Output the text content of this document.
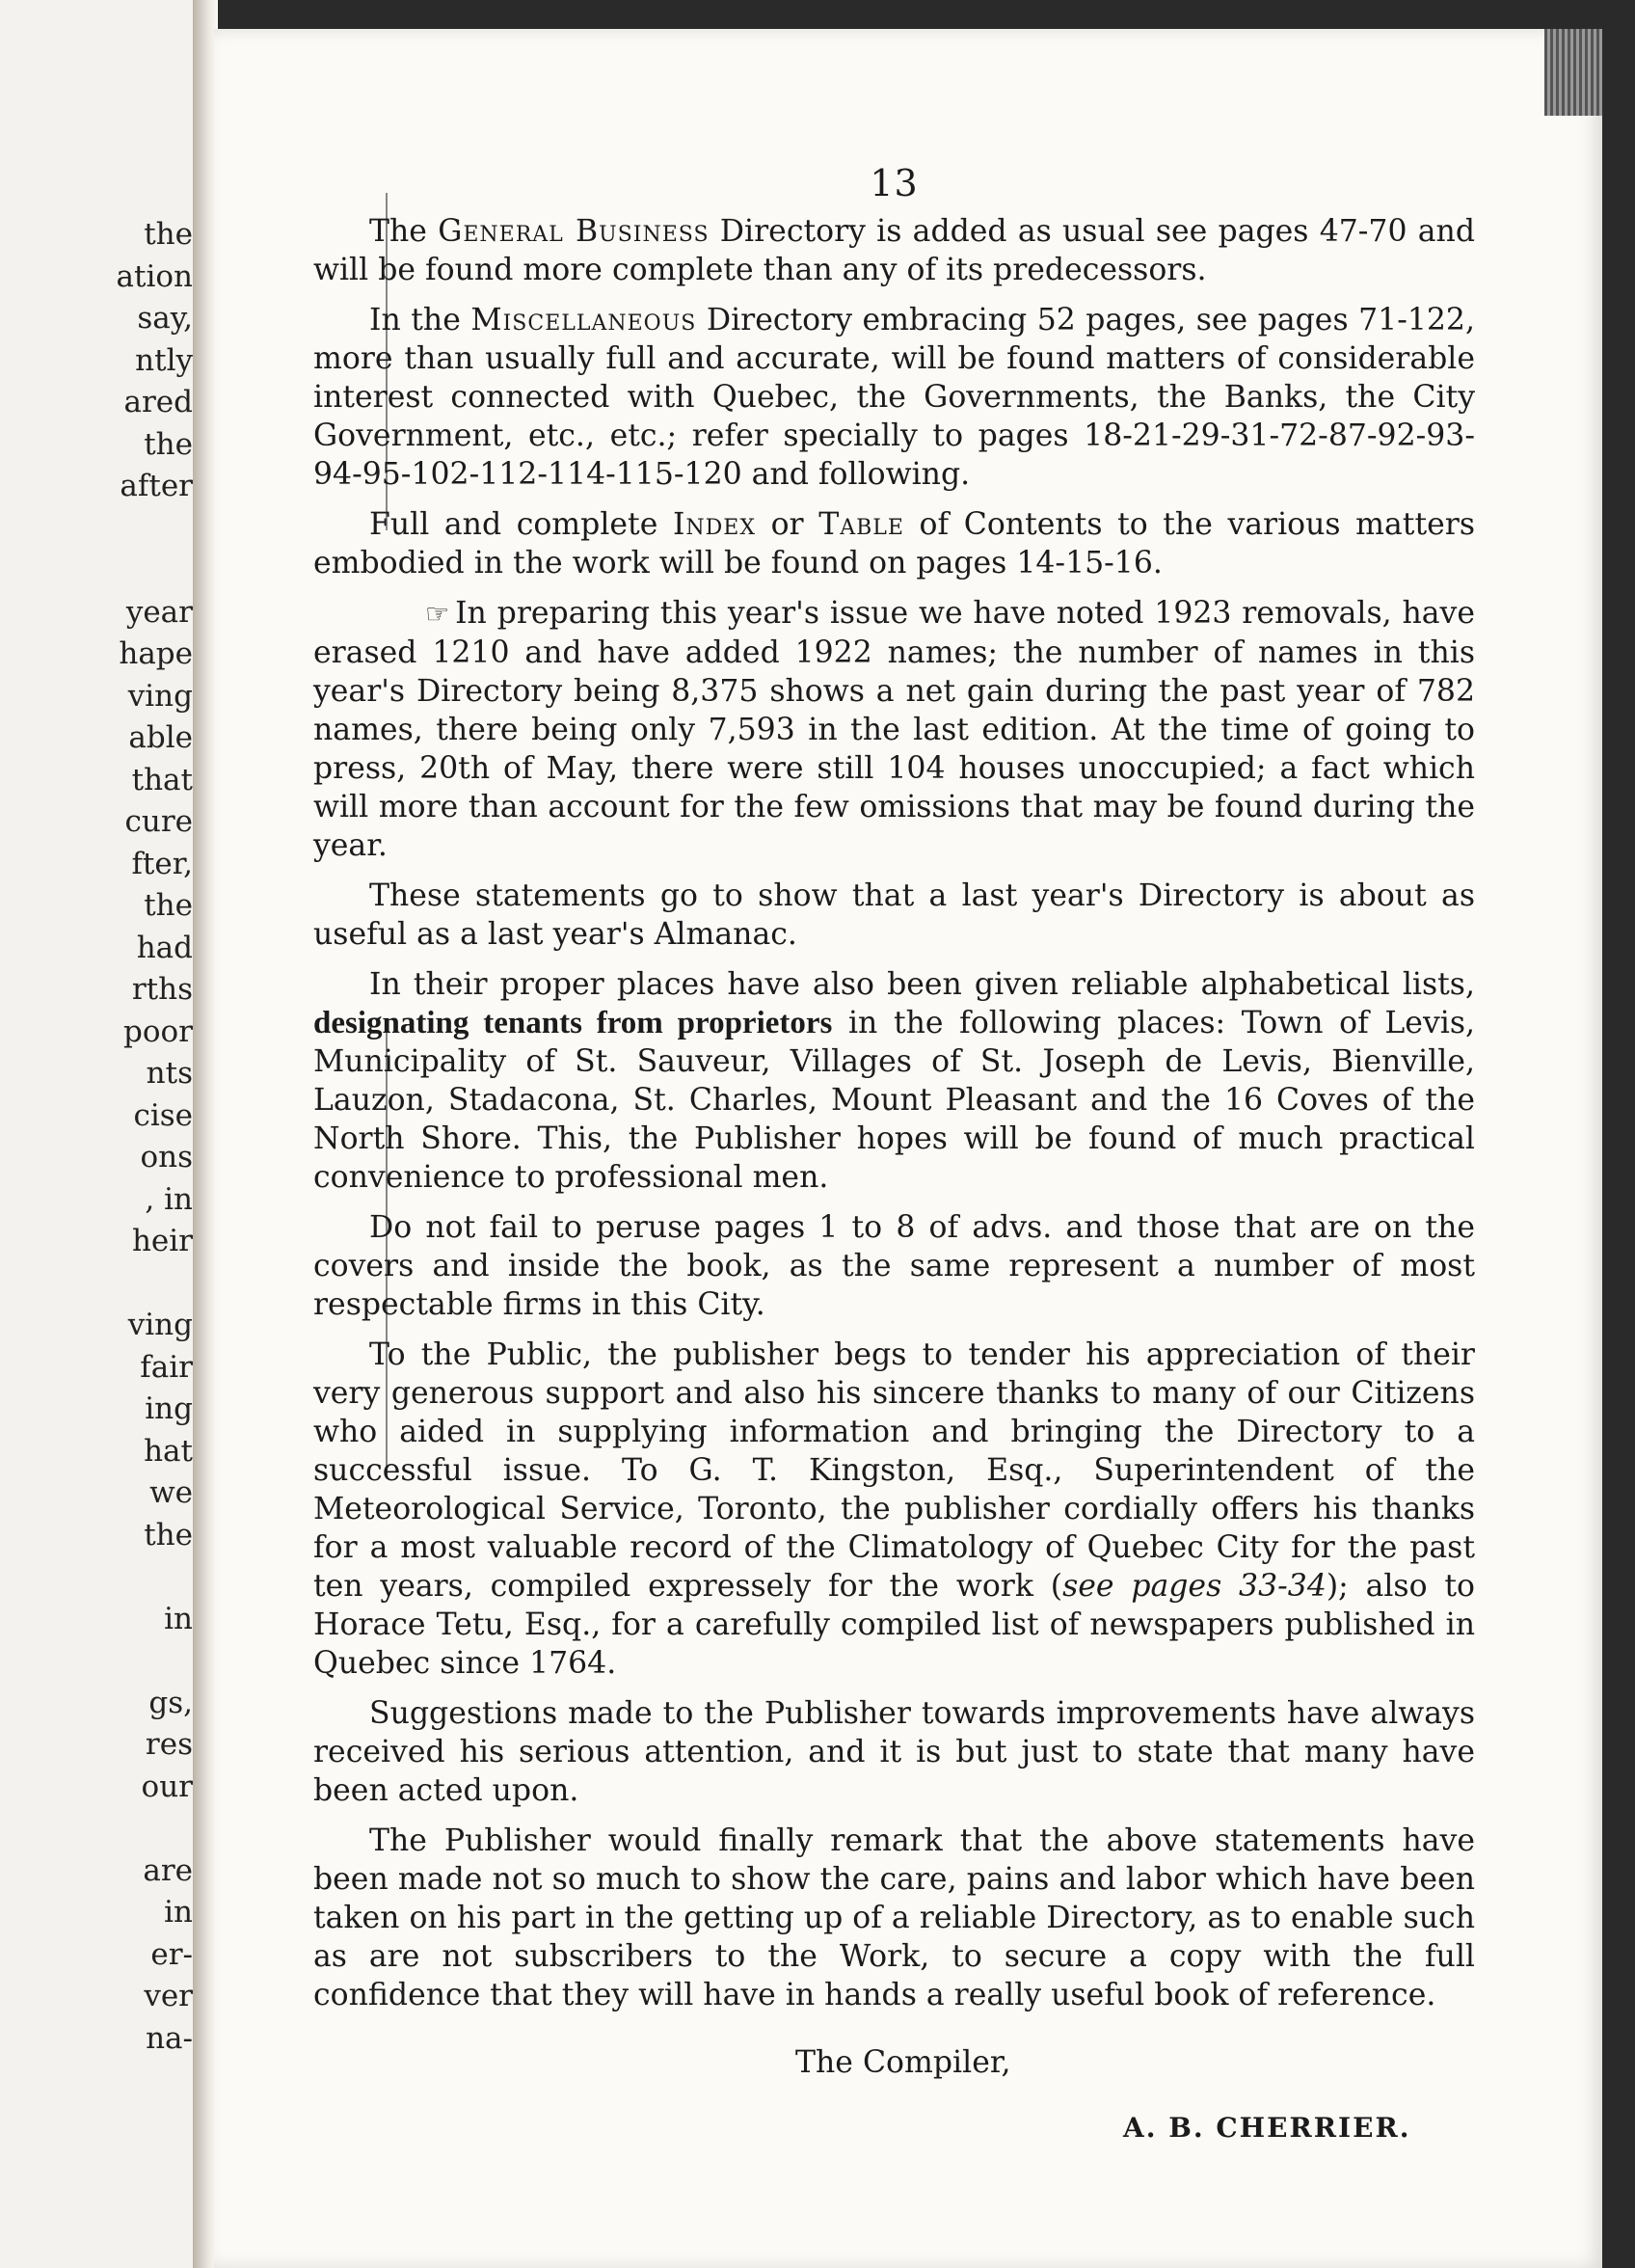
the
ation
say,
ntly
ared
the
after
year
hape
ving
able
that
cure
fter,
the
had
rths
poor
nts
cise
ons
, in
heir
ving
fair
ing
hat
we
the
in
gs,
res
our
are
in
er-
ver
na-
13

The General Business Directory is added as usual see pages 47-70 and will be found more complete than any of its predecessors.

In the Miscellaneous Directory embracing 52 pages, see pages 71-122, more than usually full and accurate, will be found matters of considerable interest connected with Quebec, the Governments, the Banks, the City Government, etc., etc.; refer specially to pages 18-21-29-31-72-87-92-93-94-95-102-112-114-115-120 and following.

Full and complete Index or Table of Contents to the various matters embodied in the work will be found on pages 14-15-16.

☞ In preparing this year's issue we have noted 1923 removals, have erased 1210 and have added 1922 names; the number of names in this year's Directory being 8,375 shows a net gain during the past year of 782 names, there being only 7,593 in the last edition. At the time of going to press, 20th of May, there were still 104 houses unoccupied; a fact which will more than account for the few omissions that may be found during the year.

These statements go to show that a last year's Directory is about as useful as a last year's Almanac.

In their proper places have also been given reliable alphabetical lists, designating tenants from proprietors in the following places: Town of Levis, Municipality of St. Sauveur, Villages of St. Joseph de Levis, Bienville, Lauzon, Stadacona, St. Charles, Mount Pleasant and the 16 Coves of the North Shore. This, the Publisher hopes will be found of much practical convenience to professional men.

Do not fail to peruse pages 1 to 8 of advs. and those that are on the covers and inside the book, as the same represent a number of most respectable firms in this City.

To the Public, the publisher begs to tender his appreciation of their very generous support and also his sincere thanks to many of our Citizens who aided in supplying information and bringing the Directory to a successful issue. To G. T. Kingston, Esq., Superintendent of the Meteorological Service, Toronto, the publisher cordially offers his thanks for a most valuable record of the Climatology of Quebec City for the past ten years, compiled expressely for the work (see pages 33-34); also to Horace Tetu, Esq., for a carefully compiled list of newspapers published in Quebec since 1764.

Suggestions made to the Publisher towards improvements have always received his serious attention, and it is but just to state that many have been acted upon.

The Publisher would finally remark that the above statements have been made not so much to show the care, pains and labor which have been taken on his part in the getting up of a reliable Directory, as to enable such as are not subscribers to the Work, to secure a copy with the full confidence that they will have in hands a really useful book of reference.

The Compiler,
A. B. CHERRIER.
